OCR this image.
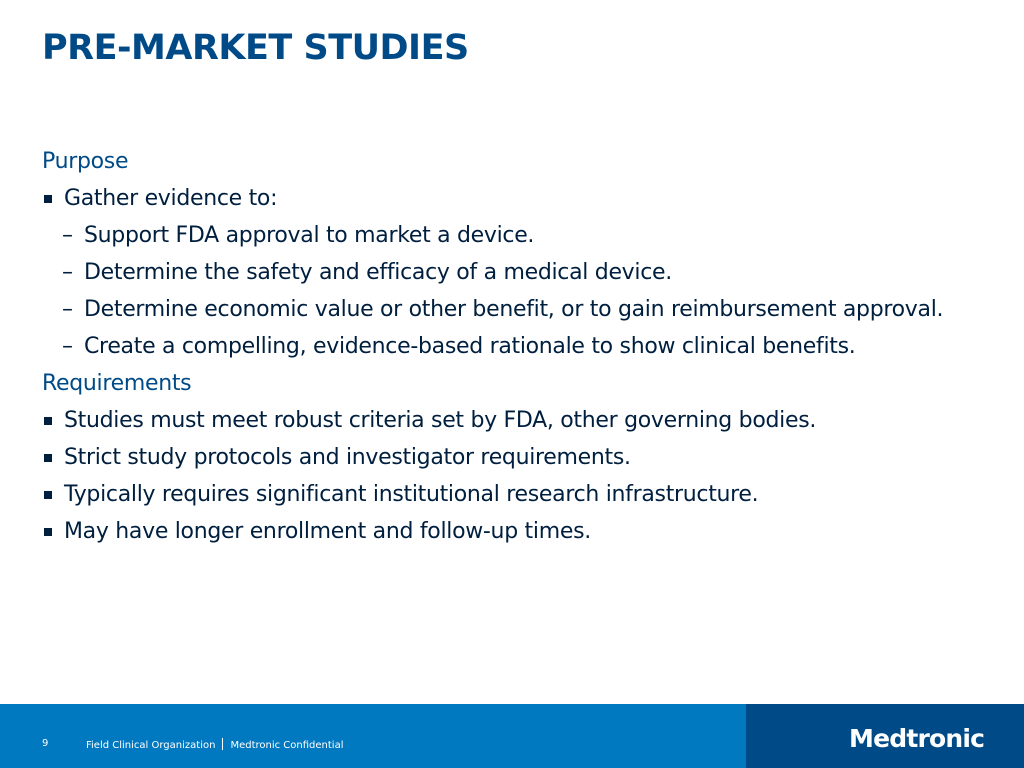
PRE-MARKET STUDIES
Purpose
Gather evidence to:
– Support FDA approval to market a device.
– Determine the safety and efficacy of a medical device.
– Determine economic value or other benefit, or to gain reimbursement approval.
– Create a compelling, evidence-based rationale to show clinical benefits.
Requirements
Studies must meet robust criteria set by FDA, other governing bodies.
Strict study protocols and investigator requirements.
Typically requires significant institutional research infrastructure.
May have longer enrollment and follow-up times.
9	Field Clinical Organization Medtronic Confidential	Medtronic
